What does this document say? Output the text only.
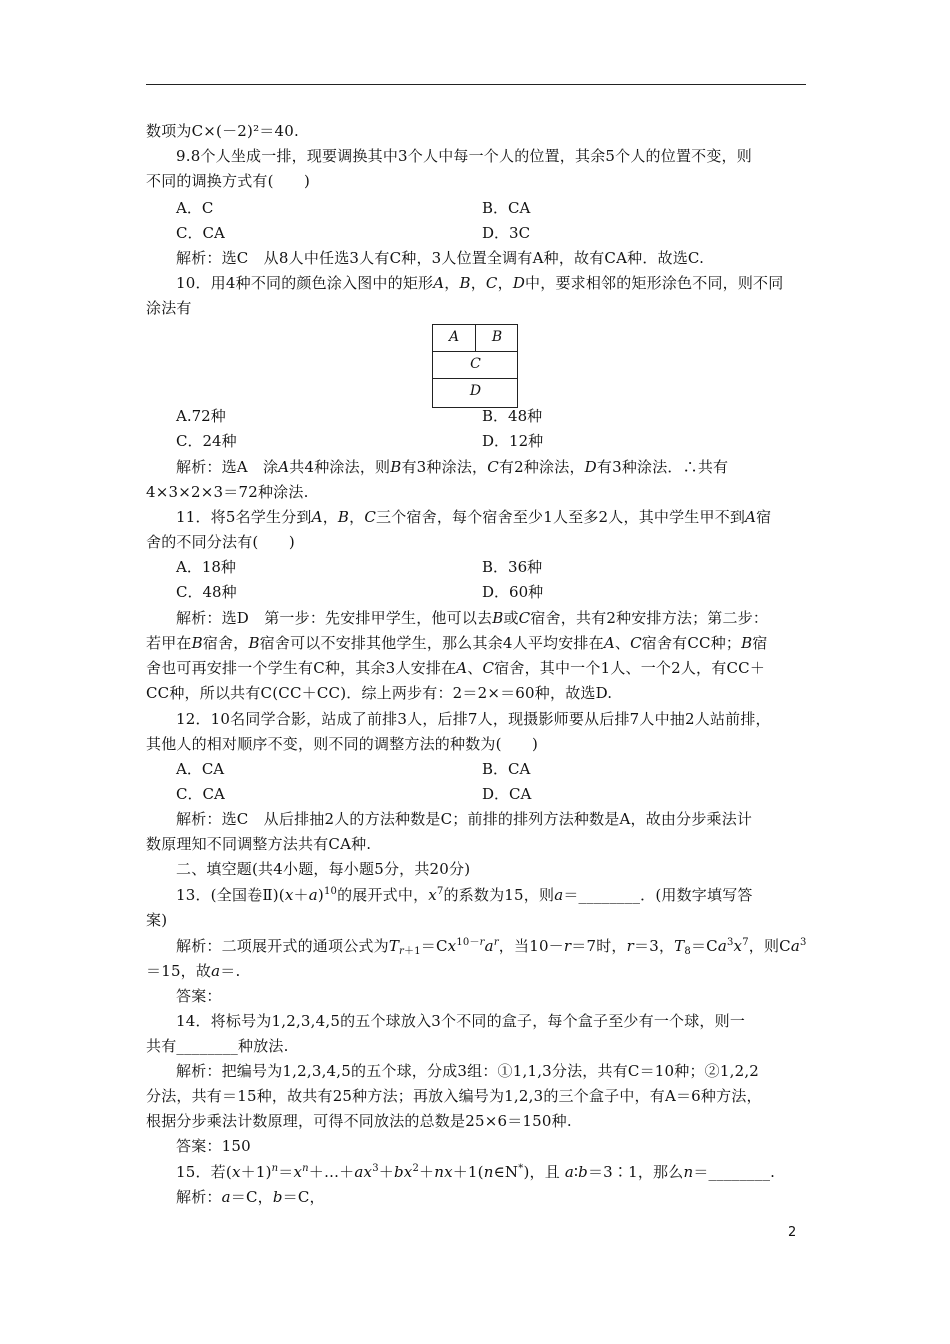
数项为C×(－2)²＝40.
9.8个人坐成一排，现要调换其中3个人中每一个人的位置，其余5个人的位置不变，则
不同的调换方式有(　　)
A．C	B．CA
C．CA	D．3C
解析：选C　从8人中任选3人有C种，3人位置全调有A种，故有CA种．故选C.
10．用4种不同的颜色涂入图中的矩形A，B，C，D中，要求相邻的矩形涂色不同，则不同
涂法有
A	B
C
D
A.72种	B．48种
C．24种	D．12种
解析：选A　涂A共4种涂法，则B有3种涂法，C有2种涂法，D有3种涂法．∴共有
4×3×2×3＝72种涂法.
11．将5名学生分到A，B，C三个宿舍，每个宿舍至少1人至多2人，其中学生甲不到A宿
舍的不同分法有(　　)
A．18种	B．36种
C．48种	D．60种
解析：选D　第一步：先安排甲学生，他可以去B或C宿舍，共有2种安排方法；第二步：
若甲在B宿舍，B宿舍可以不安排其他学生，那么其余4人平均安排在A、C宿舍有CC种；B宿
舍也可再安排一个学生有C种，其余3人安排在A、C宿舍，其中一个1人、一个2人，有CC＋
CC种，所以共有C(CC＋CC)．综上两步有：2＝2×＝60种，故选D.
12．10名同学合影，站成了前排3人，后排7人，现摄影师要从后排7人中抽2人站前排，
其他人的相对顺序不变，则不同的调整方法的种数为(　　)
A．CA	B．CA
C．CA	D．CA
解析：选C　从后排抽2人的方法种数是C；前排的排列方法种数是A，故由分步乘法计
数原理知不同调整方法共有CA种.
二、填空题(共4小题，每小题5分，共20分)
13．(全国卷$Ⅱ)(x+a)^{10}$的展开式中，$x^7$的系数为15，则a＝________．(用数字填写答
案)
解析：二项展开式的通项公式为$T_{r+1}=Cx^{10-r}a^r$，当10－r＝7时，r＝3，$T_8=Ca^3x^7$，则$Ca^3$
＝15，故a＝.
答案：
14．将标号为1,2,3,4,5的五个球放入3个不同的盒子，每个盒子至少有一个球，则一
共有________种放法.
解析：把编号为1,2,3,4,5的五个球，分成3组：①1,1,3分法，共有C＝10种；②1,2,2
分法，共有＝15种，故共有25种方法；再放入编号为1,2,3的三个盒子中，有A＝6种方法，
根据分步乘法计数原理，可得不同放法的总数是25×6＝150种.
答案：150
15．若$(x+1)^n=x^n+\dots+ax^3+bx^2+nx+1(n\in N^*)$，且 a∶b＝3∶1，那么n＝________.
解析：a＝C，b＝C，
2
